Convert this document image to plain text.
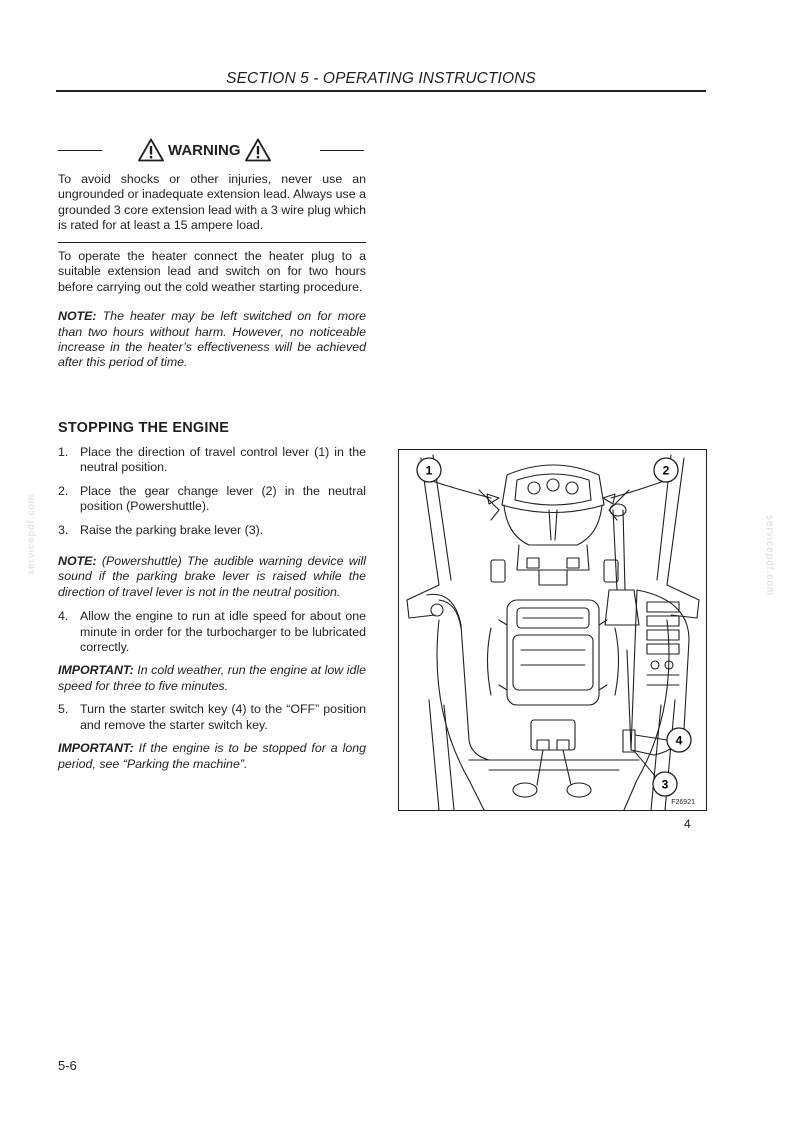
SECTION 5 - OPERATING INSTRUCTIONS
WARNING

To avoid shocks or other injuries, never use an ungrounded or inadequate extension lead. Always use a grounded 3 core extension lead with a 3 wire plug which is rated for at least a 15 ampere load.

To operate the heater connect the heater plug to a suitable extension lead and switch on for two hours before carrying out the cold weather starting procedure.

NOTE: The heater may be left switched on for more than two hours without harm. However, no noticeable increase in the heater’s effectiveness will be achieved after this period of time.

STOPPING THE ENGINE
1. Place the direction of travel control lever (1) in the neutral position.
2. Place the gear change lever (2) in the neutral position (Powershuttle).
3. Raise the parking brake lever (3).

NOTE: (Powershuttle) The audible warning device will sound if the parking brake lever is raised while the direction of travel lever is not in the neutral position.

4. Allow the engine to run at idle speed for about one minute in order for the turbocharger to be lubricated correctly.

IMPORTANT: In cold weather, run the engine at low idle speed for three to five minutes.

5. Turn the starter switch key (4) to the “OFF” position and remove the starter switch key.

IMPORTANT: If the engine is to be stopped for a long period, see “Parking the machine”.

1	2
4
3
F26921
4
servicepdf.com	servicepdf.com
5-6
